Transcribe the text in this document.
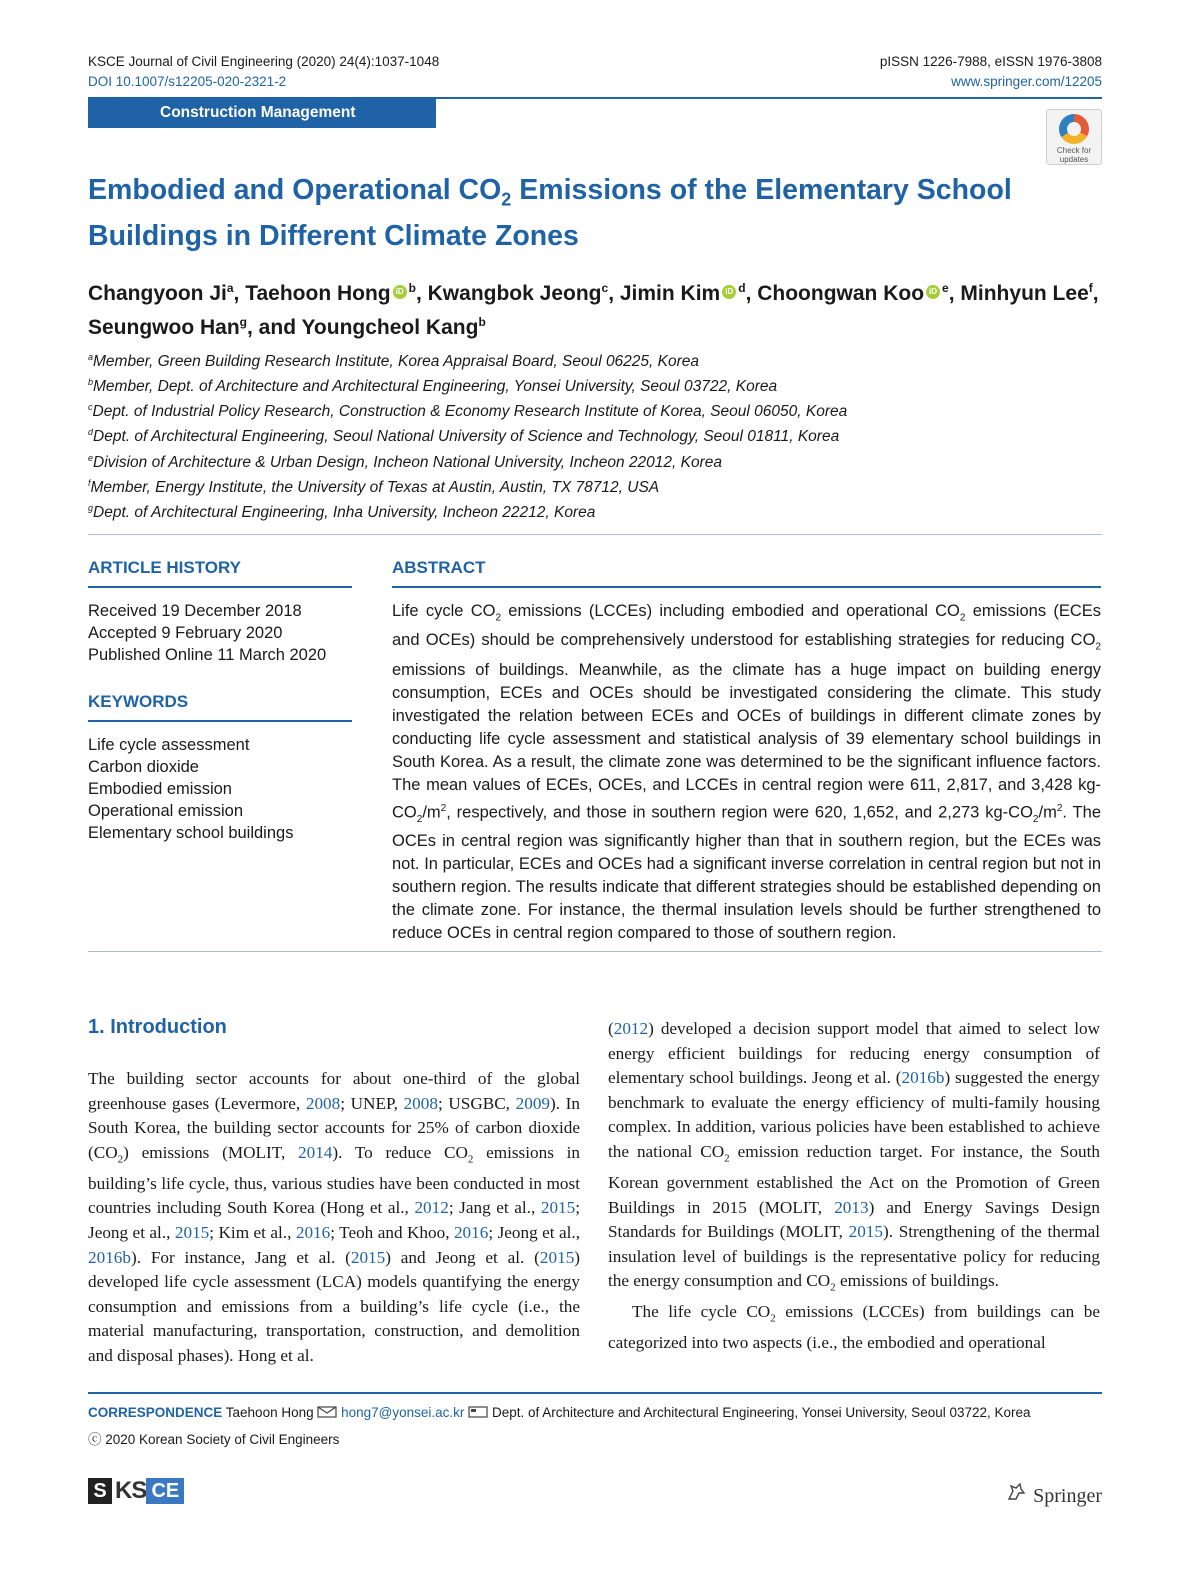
KSCE Journal of Civil Engineering (2020) 24(4):1037-1048
DOI 10.1007/s12205-020-2321-2
pISSN 1226-7988, eISSN 1976-3808
www.springer.com/12205
Construction Management
Check for updates
Embodied and Operational $CO_2$ Emissions of the Elementary School Buildings in Different Climate Zones
Changyoon Ji$^a$, Taehoon Hong iD $^b$, Kwangbok Jeong$^c$, Jimin Kim iD $^d$, Choongwan Koo iD $^e$, Minhyun Lee$^f$, Seungwoo Han$^g$, and Youngcheol Kang$^b$
$^a$Member, Green Building Research Institute, Korea Appraisal Board, Seoul 06225, Korea
$^b$Member, Dept. of Architecture and Architectural Engineering, Yonsei University, Seoul 03722, Korea
$^c$Dept. of Industrial Policy Research, Construction & Economy Research Institute of Korea, Seoul 06050, Korea
$^d$Dept. of Architectural Engineering, Seoul National University of Science and Technology, Seoul 01811, Korea
$^e$Division of Architecture & Urban Design, Incheon National University, Incheon 22012, Korea
$^f$Member, Energy Institute, the University of Texas at Austin, Austin, TX 78712, USA
$^g$Dept. of Architectural Engineering, Inha University, Incheon 22212, Korea
ARTICLE HISTORY
Received 19 December 2018
Accepted 9 February 2020
Published Online 11 March 2020
KEYWORDS
Life cycle assessment
Carbon dioxide
Embodied emission
Operational emission
Elementary school buildings
ABSTRACT
Life cycle $CO_2$ emissions (LCCEs) including embodied and operational $CO_2$ emissions (ECEs and OCEs) should be comprehensively understood for establishing strategies for reducing $CO_2$ emissions of buildings. Meanwhile, as the climate has a huge impact on building energy consumption, ECEs and OCEs should be investigated considering the climate. This study investigated the relation between ECEs and OCEs of buildings in different climate zones by conducting life cycle assessment and statistical analysis of 39 elementary school buildings in South Korea. As a result, the climate zone was determined to be the significant influence factors. The mean values of ECEs, OCEs, and LCCEs in central region were 611, 2,817, and 3,428 $kg-CO_2/m^2$, respectively, and those in southern region were 620, 1,652, and 2,273 $kg-CO_2/m^2$. The OCEs in central region was significantly higher than that in southern region, but the ECEs was not. In particular, ECEs and OCEs had a significant inverse correlation in central region but not in southern region. The results indicate that different strategies should be established depending on the climate zone. For instance, the thermal insulation levels should be further strengthened to reduce OCEs in central region compared to those of southern region.
1. Introduction

The building sector accounts for about one-third of the global greenhouse gases (Levermore, 2008; UNEP, 2008; USGBC, 2009). In South Korea, the building sector accounts for 25% of carbon dioxide $(CO_2)$ emissions (MOLIT, 2014). To reduce $CO_2$ emissions in building’s life cycle, thus, various studies have been conducted in most countries including South Korea (Hong et al., 2012; Jang et al., 2015; Jeong et al., 2015; Kim et al., 2016; Teoh and Khoo, 2016; Jeong et al., 2016b). For instance, Jang et al. (2015) and Jeong et al. (2015) developed life cycle assessment (LCA) models quantifying the energy consumption and emissions from a building’s life cycle (i.e., the material manufacturing, transportation, construction, and demolition and disposal phases). Hong et al.

(2012) developed a decision support model that aimed to select low energy efficient buildings for reducing energy consumption of elementary school buildings. Jeong et al. (2016b) suggested the energy benchmark to evaluate the energy efficiency of multi-family housing complex. In addition, various policies have been established to achieve the national $CO_2$ emission reduction target. For instance, the South Korean government established the Act on the Promotion of Green Buildings in 2015 (MOLIT, 2013) and Energy Savings Design Standards for Buildings (MOLIT, 2015). Strengthening of the thermal insulation level of buildings is the representative policy for reducing the energy consumption and $CO_2$ emissions of buildings.

The life cycle $CO_2$ emissions (LCCEs) from buildings can be categorized into two aspects (i.e., the embodied and operational

CORRESPONDENCE Taehoon Hong  hong7@yonsei.ac.kr  Dept. of Architecture and Architectural Engineering, Yonsei University, Seoul 03722, Korea
ⓒ 2020 Korean Society of Civil Engineers
S KS CE	Springer
